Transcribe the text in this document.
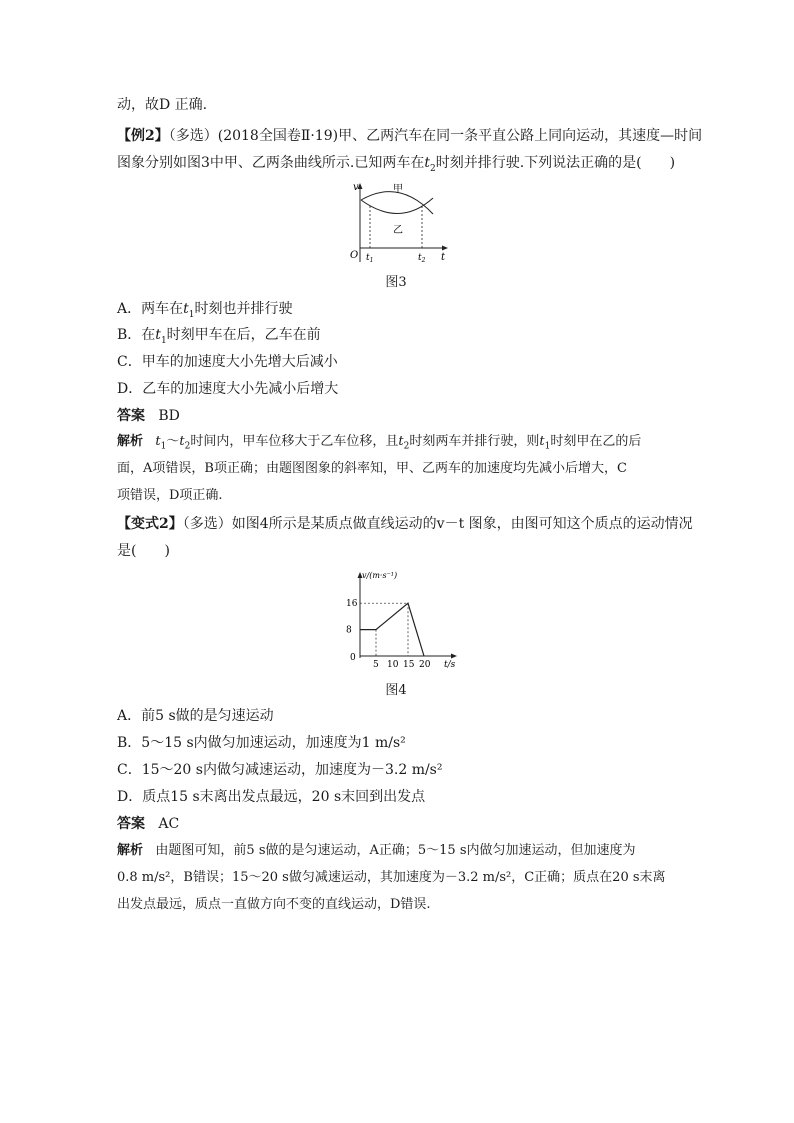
动，故D 正确.
【例2】（多选）(2018全国卷Ⅱ·19)甲、乙两汽车在同一条平直公路上同向运动，其速度—时间
图象分别如图3中甲、乙两条曲线所示.已知两车在$t_2$时刻并排行驶.下列说法正确的是(　　)
v
t
O $t_1$	$t_2$
甲
乙
图3
A．两车在$t_1$时刻也并排行驶
B．在$t_1$时刻甲车在后，乙车在前
C．甲车的加速度大小先增大后减小
D．乙车的加速度大小先减小后增大
答案 BD
解析 $t_1\sim t_2$时间内，甲车位移大于乙车位移，且$t_2$时刻两车并排行驶，则$t_1$时刻甲在乙的后
面，A项错误，B项正确；由题图图象的斜率知，甲、乙两车的加速度均先减小后增大，C
项错误，D项正确.
【变式2】（多选）如图4所示是某质点做直线运动的v－t 图象，由图可知这个质点的运动情况
是(　　)
v/(m·s⁻¹)
t/s
8
16
0
5 10 15 20
图4
A．前5 s做的是匀速运动
B．5～15 s内做匀加速运动，加速度为1 m/s²
C．15～20 s内做匀减速运动，加速度为－3.2 m/s²
D．质点15 s末离出发点最远，20 s末回到出发点
答案 AC
解析 由题图可知，前5 s做的是匀速运动，A正确；5～15 s内做匀加速运动，但加速度为
0.8 m/s²，B错误；15～20 s做匀减速运动，其加速度为－3.2 m/s²，C正确；质点在20 s末离
出发点最远，质点一直做方向不变的直线运动，D错误.
